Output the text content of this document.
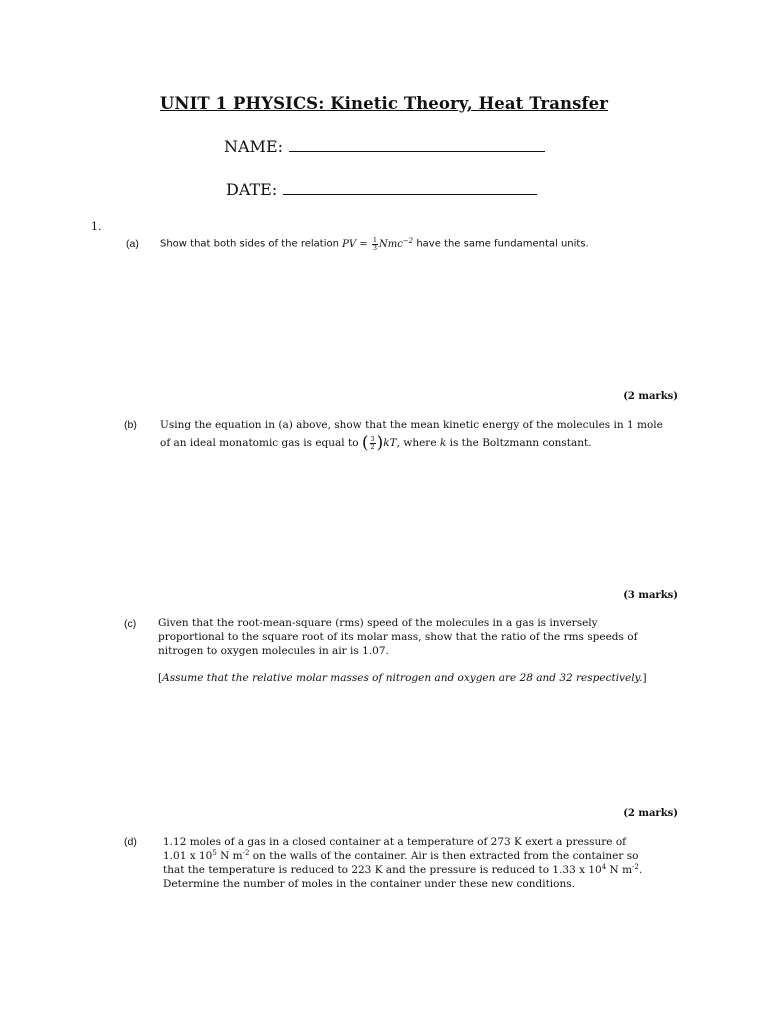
UNIT 1 PHYSICS: Kinetic Theory, Heat Transfer
NAME:
DATE:
1.
(a) Show that both sides of the relation PV = $\frac{1}{3} Nmc^{-2}$ have the same fundamental units.
(2 marks)
(b) Using the equation in (a) above, show that the mean kinetic energy of the molecules in 1 mole
of an ideal monatomic gas is equal to ( $\frac{3}{2} )kT$, where k is the Boltzmann constant.
(3 marks)
(c) Given that the root-mean-square (rms) speed of the molecules in a gas is inversely
proportional to the square root of its molar mass, show that the ratio of the rms speeds of
nitrogen to oxygen molecules in air is 1.07.
[Assume that the relative molar masses of nitrogen and oxygen are 28 and 32 respectively.]
(2 marks)
(d) 1.12 moles of a gas in a closed container at a temperature of 273 K exert a pressure of
1.01 x $10^5$ N $m^{-2}$ on the walls of the container. Air is then extracted from the container so
that the temperature is reduced to 223 K and the pressure is reduced to 1.33 x $10^4$ N $m^{-2}$.
Determine the number of moles in the container under these new conditions.
